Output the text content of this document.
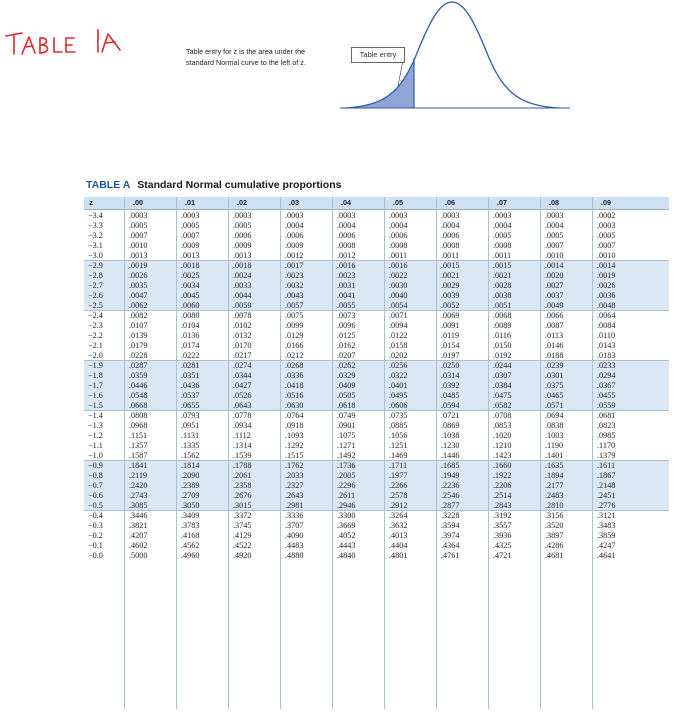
Table entry for z is the area under the
standard Normal curve to the left of z.
Table entry
TABLE A Standard Normal cumulative proportions
z	.00	.01	.02	.03	.04	.05	.06	.07	.08	.09
−3.4	.0003	.0003	.0003	.0003	.0003	.0003	.0003	.0003	.0003	.0002
−3.3	.0005	.0005	.0005	.0004	.0004	.0004	.0004	.0004	.0004	.0003
−3.2	.0007	.0007	.0006	.0006	.0006	.0006	.0006	.0005	.0005	.0005
−3.1	.0010	.0009	.0009	.0009	.0008	.0008	.0008	.0008	.0007	.0007
−3.0	.0013	.0013	.0013	.0012	.0012	.0011	.0011	.0011	.0010	.0010
−2.9	.0019	.0018	.0018	.0017	.0016	.0016	.0015	.0015	.0014	.0014
−2.8	.0026	.0025	.0024	.0023	.0023	.0022	.0021	.0021	.0020	.0019
−2.7	.0035	.0034	.0033	.0032	.0031	.0030	.0029	.0028	.0027	.0026
−2.6	.0047	.0045	.0044	.0043	.0041	.0040	.0039	.0038	.0037	.0036
−2.5	.0062	.0060	.0059	.0057	.0055	.0054	.0052	.0051	.0049	.0048
−2.4	.0082	.0080	.0078	.0075	.0073	.0071	.0069	.0068	.0066	.0064
−2.3	.0107	.0104	.0102	.0099	.0096	.0094	.0091	.0089	.0087	.0084
−2.2	.0139	.0136	.0132	.0129	.0125	.0122	.0119	.0116	.0113	.0110
−2.1	.0179	.0174	.0170	.0166	.0162	.0158	.0154	.0150	.0146	.0143
−2.0	.0228	.0222	.0217	.0212	.0207	.0202	.0197	.0192	.0188	.0183
−1.9	.0287	.0281	.0274	.0268	.0262	.0256	.0250	.0244	.0239	.0233
−1.8	.0359	.0351	.0344	.0336	.0329	.0322	.0314	.0307	.0301	.0294
−1.7	.0446	.0436	.0427	.0418	.0409	.0401	.0392	.0384	.0375	.0367
−1.6	.0548	.0537	.0526	.0516	.0505	.0495	.0485	.0475	.0465	.0455
−1.5	.0668	.0655	.0643	.0630	.0618	.0606	.0594	.0582	.0571	.0559
−1.4	.0808	.0793	.0778	.0764	.0749	.0735	.0721	.0708	.0694	.0681
−1.3	.0968	.0951	.0934	.0918	.0901	.0885	.0869	.0853	.0838	.0823
−1.2	.1151	.1131	.1112	.1093	.1075	.1056	.1038	.1020	.1003	.0985
−1.1	.1357	.1335	.1314	.1292	.1271	.1251	.1230	.1210	.1190	.1170
−1.0	.1587	.1562	.1539	.1515	.1492	.1469	.1446	.1423	.1401	.1379
−0.9	.1841	.1814	.1788	.1762	.1736	.1711	.1685	.1660	.1635	.1611
−0.8	.2119	.2090	.2061	.2033	.2005	.1977	.1949	.1922	.1894	.1867
−0.7	.2420	.2389	.2358	.2327	.2296	.2266	.2236	.2206	.2177	.2148
−0.6	.2743	.2709	.2676	.2643	.2611	.2578	.2546	.2514	.2483	.2451
−0.5	.3085	.3050	.3015	.2981	.2946	.2912	.2877	.2843	.2810	.2776
−0.4	.3446	.3409	.3372	.3336	.3300	.3264	.3228	.3192	.3156	.3121
−0.3	.3821	.3783	.3745	.3707	.3669	.3632	.3594	.3557	.3520	.3483
−0.2	.4207	.4168	.4129	.4090	.4052	.4013	.3974	.3936	.3897	.3859
−0.1	.4602	.4562	.4522	.4483	.4443	.4404	.4364	.4325	.4286	.4247
−0.0	.5000	.4960	.4920	.4880	.4840	.4801	.4761	.4721	.4681	.4641
